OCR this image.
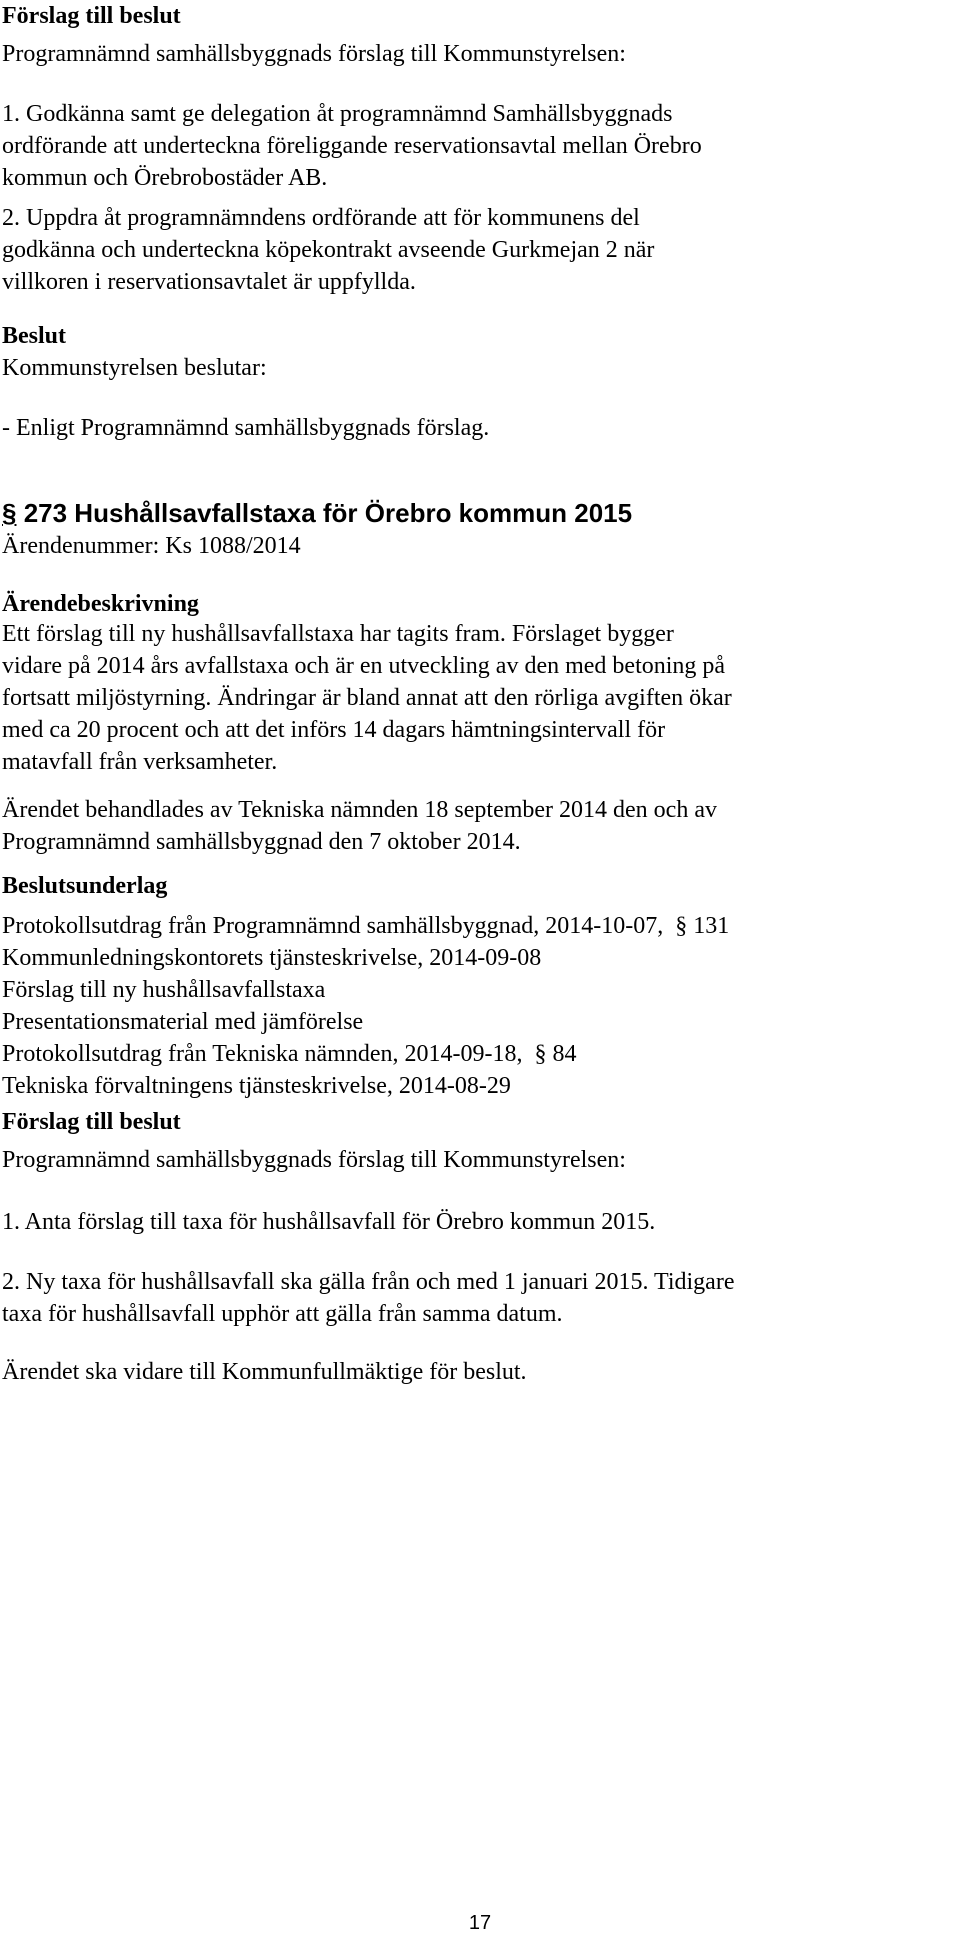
Förslag till beslut
Programnämnd samhällsbyggnads förslag till Kommunstyrelsen:

1. Godkänna samt ge delegation åt programnämnd Samhällsbyggnads

ordförande att underteckna föreliggande reservationsavtal mellan Örebro

kommun och Örebrobostäder AB.

2. Uppdra åt programnämndens ordförande att för kommunens del

godkänna och underteckna köpekontrakt avseende Gurkmejan 2 när

villkoren i reservationsavtalet är uppfyllda.

Beslut
Kommunstyrelsen beslutar:
- Enligt Programnämnd samhällsbyggnads förslag.
§ 273 Hushållsavfallstaxa för Örebro kommun 2015
Ärendenummer: Ks 1088/2014
Ärendebeskrivning

Ett förslag till ny hushållsavfallstaxa har tagits fram. Förslaget bygger

vidare på 2014 års avfallstaxa och är en utveckling av den med betoning på

fortsatt miljöstyrning. Ändringar är bland annat att den rörliga avgiften ökar

med ca 20 procent och att det införs 14 dagars hämtningsintervall för

matavfall från verksamheter.

Ärendet behandlades av Tekniska nämnden 18 september 2014 den och av

Programnämnd samhällsbyggnad den 7 oktober 2014.

Beslutsunderlag

Protokollsutdrag från Programnämnd samhällsbyggnad, 2014-10-07, § 131

Kommunledningskontorets tjänsteskrivelse, 2014-09-08

Förslag till ny hushållsavfallstaxa

Presentationsmaterial med jämförelse

Protokollsutdrag från Tekniska nämnden, 2014-09-18, § 84

Tekniska förvaltningens tjänsteskrivelse, 2014-08-29

Förslag till beslut
Programnämnd samhällsbyggnads förslag till Kommunstyrelsen:
1. Anta förslag till taxa för hushållsavfall för Örebro kommun 2015.

2. Ny taxa för hushållsavfall ska gälla från och med 1 januari 2015. Tidigare

taxa för hushållsavfall upphör att gälla från samma datum.

Ärendet ska vidare till Kommunfullmäktige för beslut.
17
